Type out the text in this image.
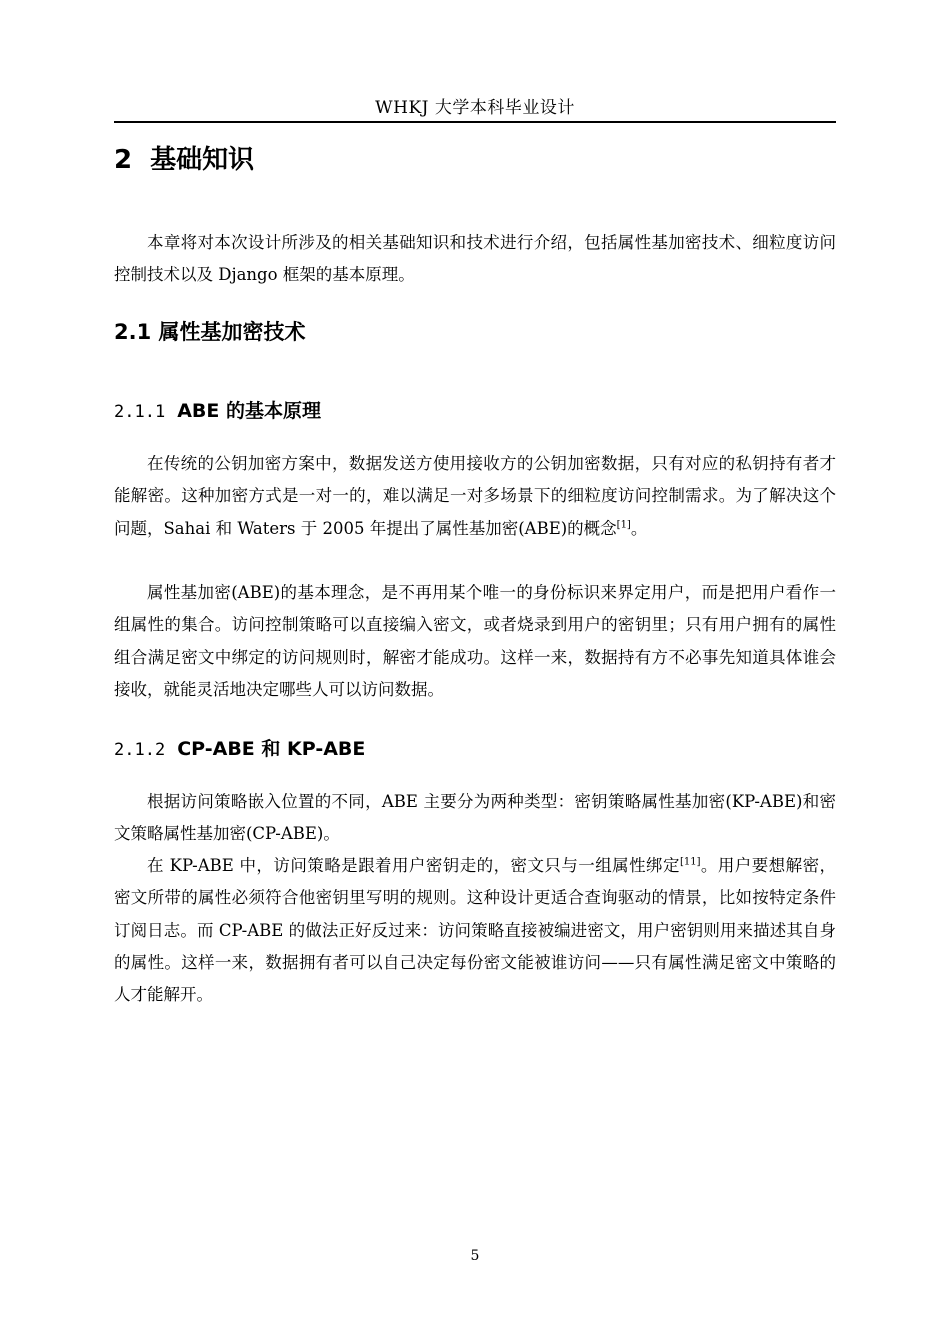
WHKJ 大学本科毕业设计
2 基础知识

本章将对本次设计所涉及的相关基础知识和技术进行介绍，包括属性基加密技术、细粒度访问控制技术以及 Django 框架的基本原理。

2.1 属性基加密技术
2.1.1 ABE 的基本原理

在传统的公钥加密方案中，数据发送方使用接收方的公钥加密数据，只有对应的私钥持有者才能解密。这种加密方式是一对一的，难以满足一对多场景下的细粒度访问控制需求。为了解决这个问题，Sahai 和 Waters 于 2005 年提出了属性基加密(ABE)的概念[1]。

属性基加密(ABE)的基本理念，是不再用某个唯一的身份标识来界定用户，而是把用户看作一组属性的集合。访问控制策略可以直接编入密文，或者烧录到用户的密钥里；只有用户拥有的属性组合满足密文中绑定的访问规则时，解密才能成功。这样一来，数据持有方不必事先知道具体谁会接收，就能灵活地决定哪些人可以访问数据。

2.1.2 CP-ABE 和 KP-ABE

根据访问策略嵌入位置的不同，ABE 主要分为两种类型：密钥策略属性基加密(KP-ABE)和密文策略属性基加密(CP-ABE)。

在 KP-ABE 中，访问策略是跟着用户密钥走的，密文只与一组属性绑定[11]。用户要想解密，密文所带的属性必须符合他密钥里写明的规则。这种设计更适合查询驱动的情景，比如按特定条件订阅日志。而 CP-ABE 的做法正好反过来：访问策略直接被编进密文，用户密钥则用来描述其自身的属性。这样一来，数据拥有者可以自己决定每份密文能被谁访问——只有属性满足密文中策略的人才能解开。

5
